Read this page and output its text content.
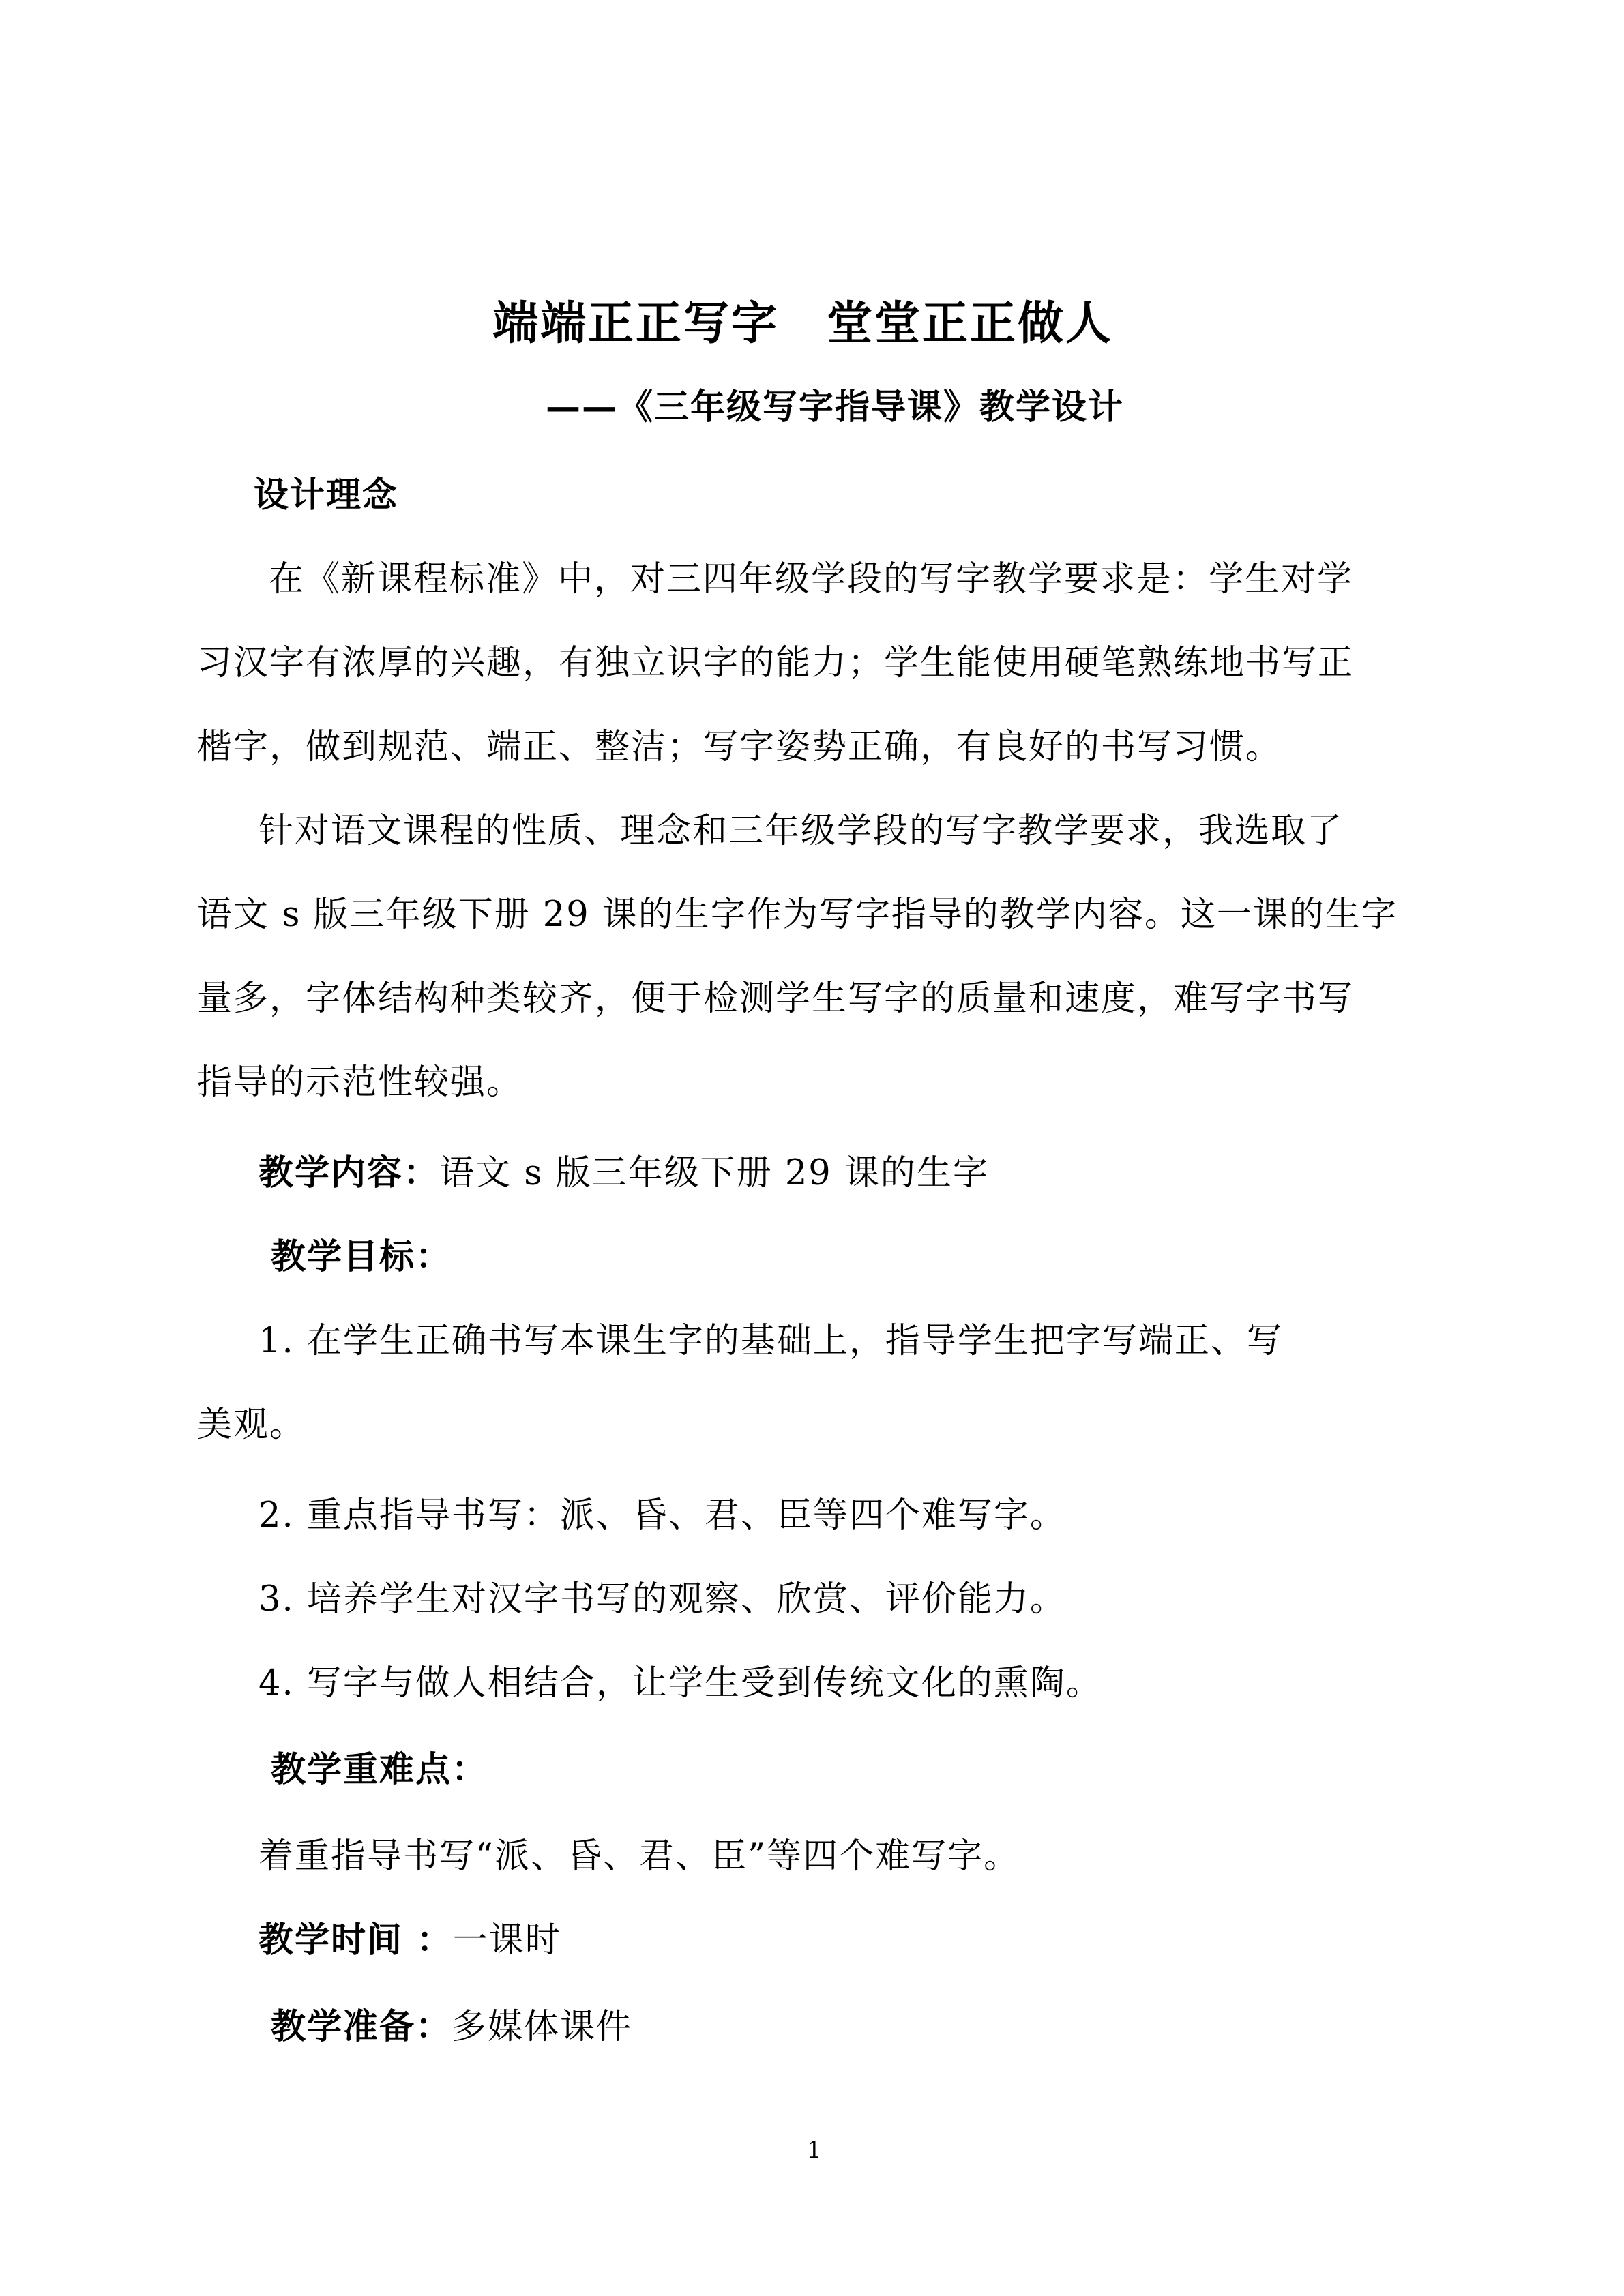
端端正正写字　堂堂正正做人
——《三年级写字指导课》教学设计
设计理念
在《新课程标准》中，对三四年级学段的写字教学要求是：学生对学
习汉字有浓厚的兴趣，有独立识字的能力；学生能使用硬笔熟练地书写正
楷字，做到规范、端正、整洁；写字姿势正确，有良好的书写习惯。
针对语文课程的性质、理念和三年级学段的写字教学要求，我选取了
语文 s 版三年级下册 29 课的生字作为写字指导的教学内容。这一课的生字
量多，字体结构种类较齐，便于检测学生写字的质量和速度，难写字书写
指导的示范性较强。
教学内容：语文 s 版三年级下册 29 课的生字
教学目标：
1. 在学生正确书写本课生字的基础上，指导学生把字写端正、写
美观。
2. 重点指导书写：派、昏、君、臣等四个难写字。
3. 培养学生对汉字书写的观察、欣赏、评价能力。
4. 写字与做人相结合，让学生受到传统文化的熏陶。
教学重难点：
着重指导书写“派、昏、君、臣”等四个难写字。
教学时间 ：一课时
教学准备：多媒体课件
1
